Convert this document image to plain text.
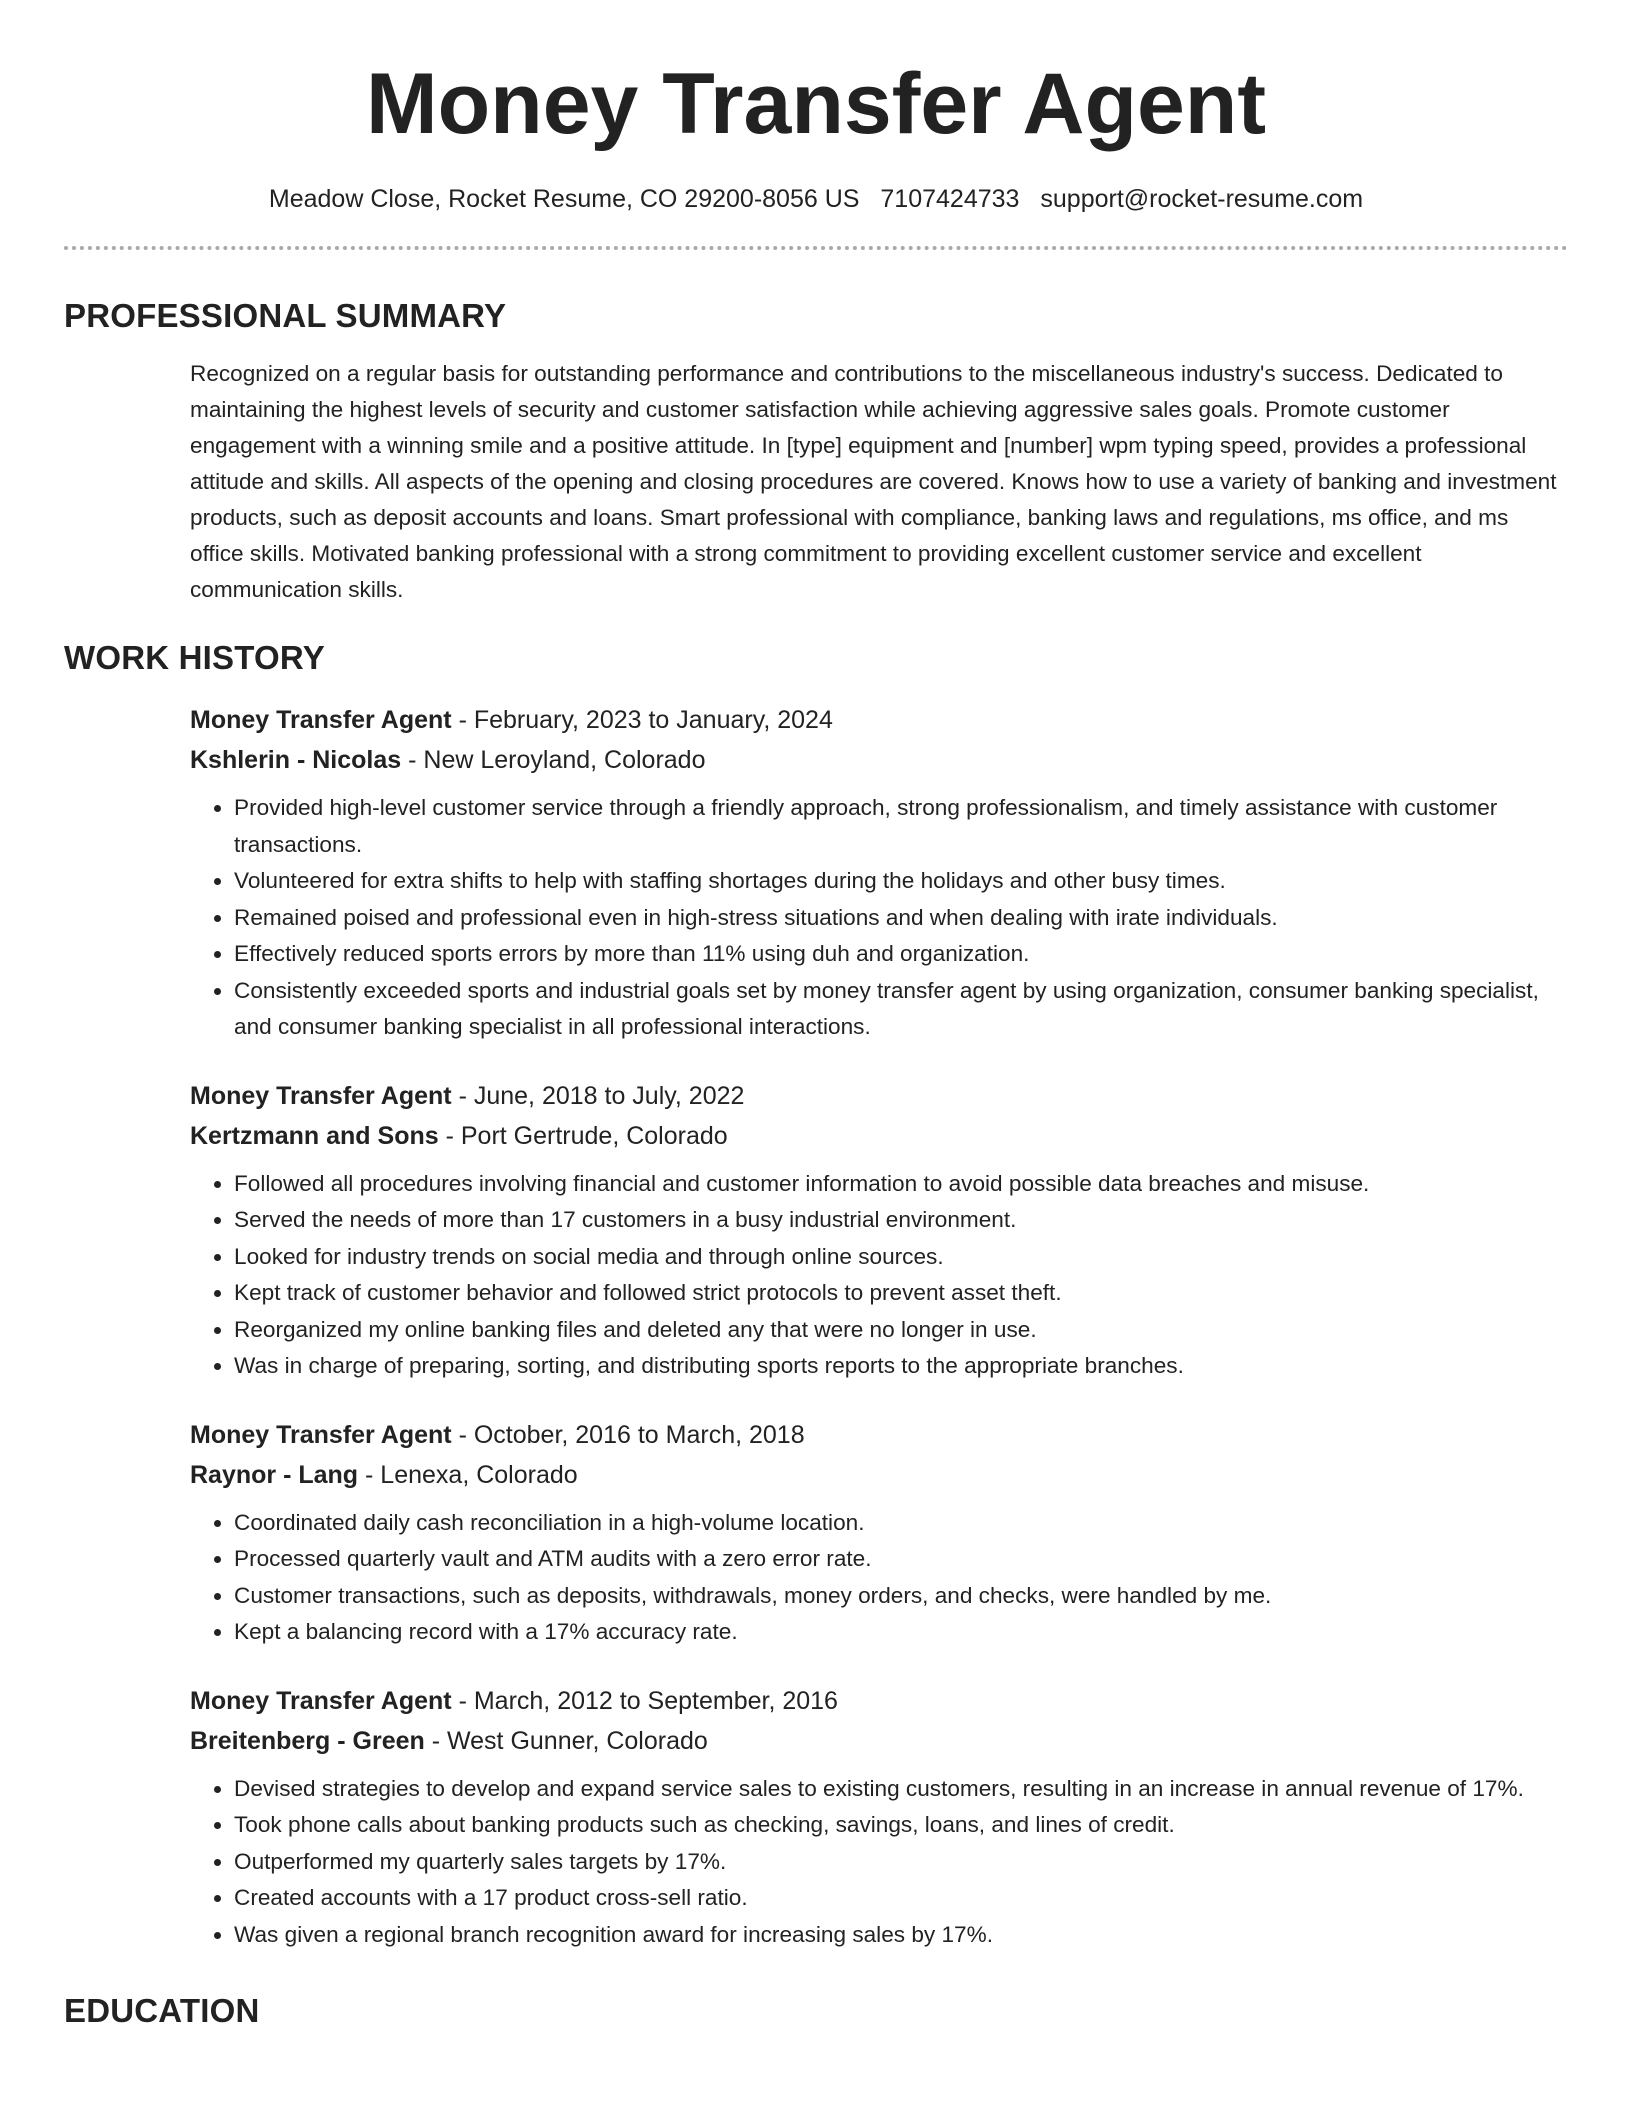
Money Transfer Agent
Meadow Close, Rocket Resume, CO 29200-8056 US 7107424733 support@rocket-resume.com
PROFESSIONAL SUMMARY
Recognized on a regular basis for outstanding performance and contributions to the miscellaneous industry's success. Dedicated to maintaining the highest levels of security and customer satisfaction while achieving aggressive sales goals. Promote customer engagement with a winning smile and a positive attitude. In [type] equipment and [number] wpm typing speed, provides a professional attitude and skills. All aspects of the opening and closing procedures are covered. Knows how to use a variety of banking and investment products, such as deposit accounts and loans. Smart professional with compliance, banking laws and regulations, ms office, and ms office skills. Motivated banking professional with a strong commitment to providing excellent customer service and excellent communication skills.
WORK HISTORY
Money Transfer Agent - February, 2023 to January, 2024
Kshlerin - Nicolas - New Leroyland, Colorado
• Provided high-level customer service through a friendly approach, strong professionalism, and timely assistance with customer transactions.
• Volunteered for extra shifts to help with staffing shortages during the holidays and other busy times.
• Remained poised and professional even in high-stress situations and when dealing with irate individuals.
• Effectively reduced sports errors by more than 11% using duh and organization.
• Consistently exceeded sports and industrial goals set by money transfer agent by using organization, consumer banking specialist, and consumer banking specialist in all professional interactions.
Money Transfer Agent - June, 2018 to July, 2022
Kertzmann and Sons - Port Gertrude, Colorado
• Followed all procedures involving financial and customer information to avoid possible data breaches and misuse.
• Served the needs of more than 17 customers in a busy industrial environment.
• Looked for industry trends on social media and through online sources.
• Kept track of customer behavior and followed strict protocols to prevent asset theft.
• Reorganized my online banking files and deleted any that were no longer in use.
• Was in charge of preparing, sorting, and distributing sports reports to the appropriate branches.
Money Transfer Agent - October, 2016 to March, 2018
Raynor - Lang - Lenexa, Colorado
• Coordinated daily cash reconciliation in a high-volume location.
• Processed quarterly vault and ATM audits with a zero error rate.
• Customer transactions, such as deposits, withdrawals, money orders, and checks, were handled by me.
• Kept a balancing record with a 17% accuracy rate.
Money Transfer Agent - March, 2012 to September, 2016
Breitenberg - Green - West Gunner, Colorado
• Devised strategies to develop and expand service sales to existing customers, resulting in an increase in annual revenue of 17%.
• Took phone calls about banking products such as checking, savings, loans, and lines of credit.
• Outperformed my quarterly sales targets by 17%.
• Created accounts with a 17 product cross-sell ratio.
• Was given a regional branch recognition award for increasing sales by 17%.
EDUCATION
